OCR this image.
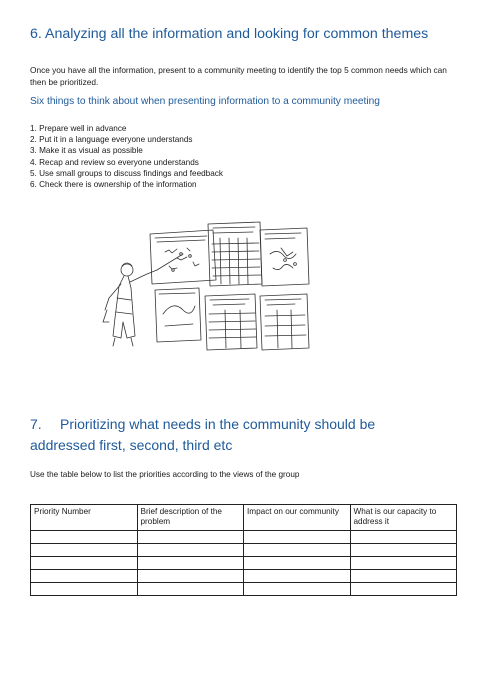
6. Analyzing all the information and looking for common themes
Once you have all the information, present to a community meeting to identify the top 5 common needs which can then be prioritized.
Six things to think about when presenting information to a community meeting
1. Prepare well in advance
2. Put it in a language everyone understands
3. Make it as visual as possible
4. Recap and review so everyone understands
5. Use small groups to discuss findings and feedback
6. Check there is ownership of the information
7. Prioritizing what needs in the community should be
addressed first, second, third etc
Use the table below to list the priorities according to the views of the group
Priority Number	Brief description of the problem	Impact on our community	What is our capacity to address it
